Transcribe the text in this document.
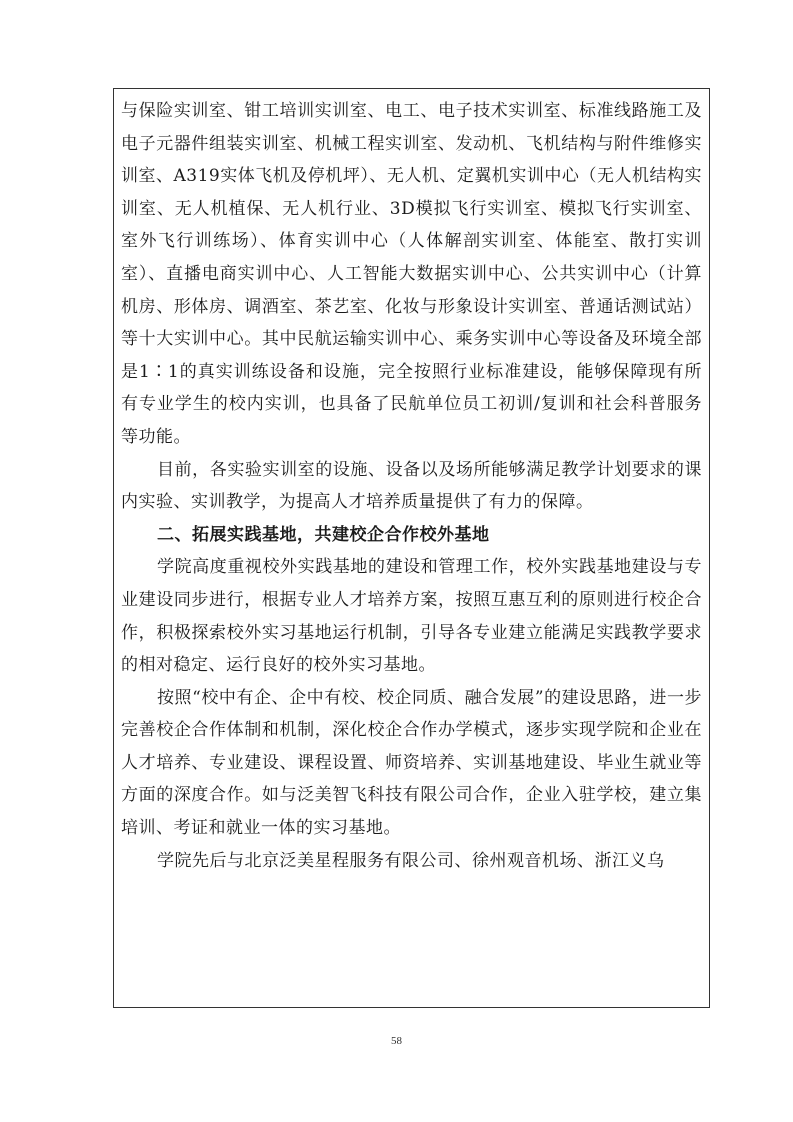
与保险实训室、钳工培训实训室、电工、电子技术实训室、标准线路施工及电子元器件组装实训室、机械工程实训室、发动机、飞机结构与附件维修实训室、A319实体飞机及停机坪）、无人机、定翼机实训中心（无人机结构实训室、无人机植保、无人机行业、3D模拟飞行实训室、模拟飞行实训室、室外飞行训练场）、体育实训中心（人体解剖实训室、体能室、散打实训室）、直播电商实训中心、人工智能大数据实训中心、公共实训中心（计算机房、形体房、调酒室、茶艺室、化妆与形象设计实训室、普通话测试站）等十大实训中心。其中民航运输实训中心、乘务实训中心等设备及环境全部是1∶1的真实训练设备和设施，完全按照行业标准建设，能够保障现有所有专业学生的校内实训，也具备了民航单位员工初训/复训和社会科普服务等功能。

目前，各实验实训室的设施、设备以及场所能够满足教学计划要求的课内实验、实训教学，为提高人才培养质量提供了有力的保障。

二、拓展实践基地，共建校企合作校外基地

学院高度重视校外实践基地的建设和管理工作，校外实践基地建设与专业建设同步进行，根据专业人才培养方案，按照互惠互利的原则进行校企合作，积极探索校外实习基地运行机制，引导各专业建立能满足实践教学要求的相对稳定、运行良好的校外实习基地。

按照“校中有企、企中有校、校企同质、融合发展”的建设思路，进一步完善校企合作体制和机制，深化校企合作办学模式，逐步实现学院和企业在人才培养、专业建设、课程设置、师资培养、实训基地建设、毕业生就业等方面的深度合作。如与泛美智飞科技有限公司合作，企业入驻学校，建立集培训、考证和就业一体的实习基地。

学院先后与北京泛美星程服务有限公司、徐州观音机场、浙江义乌

58
